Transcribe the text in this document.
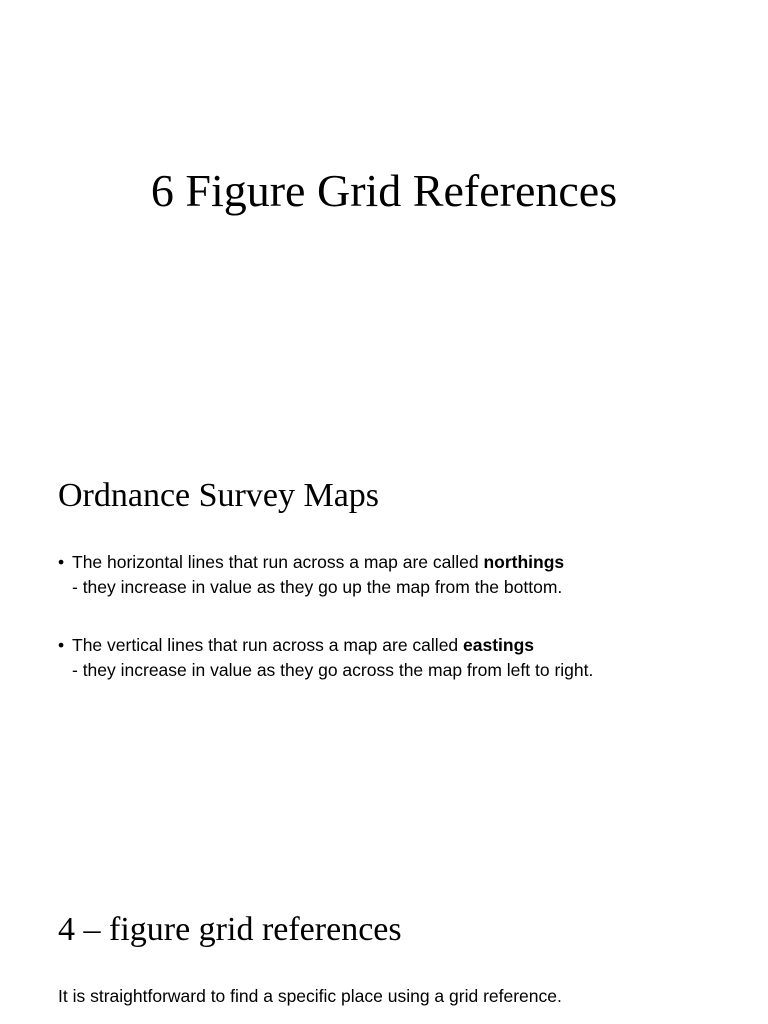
6 Figure Grid References
Ordnance Survey Maps
• The horizontal lines that run across a map are called northings
- they increase in value as they go up the map from the bottom.
• The vertical lines that run across a map are called eastings
- they increase in value as they go across the map from left to right.
4 – figure grid references
It is straightforward to find a specific place using a grid reference.
